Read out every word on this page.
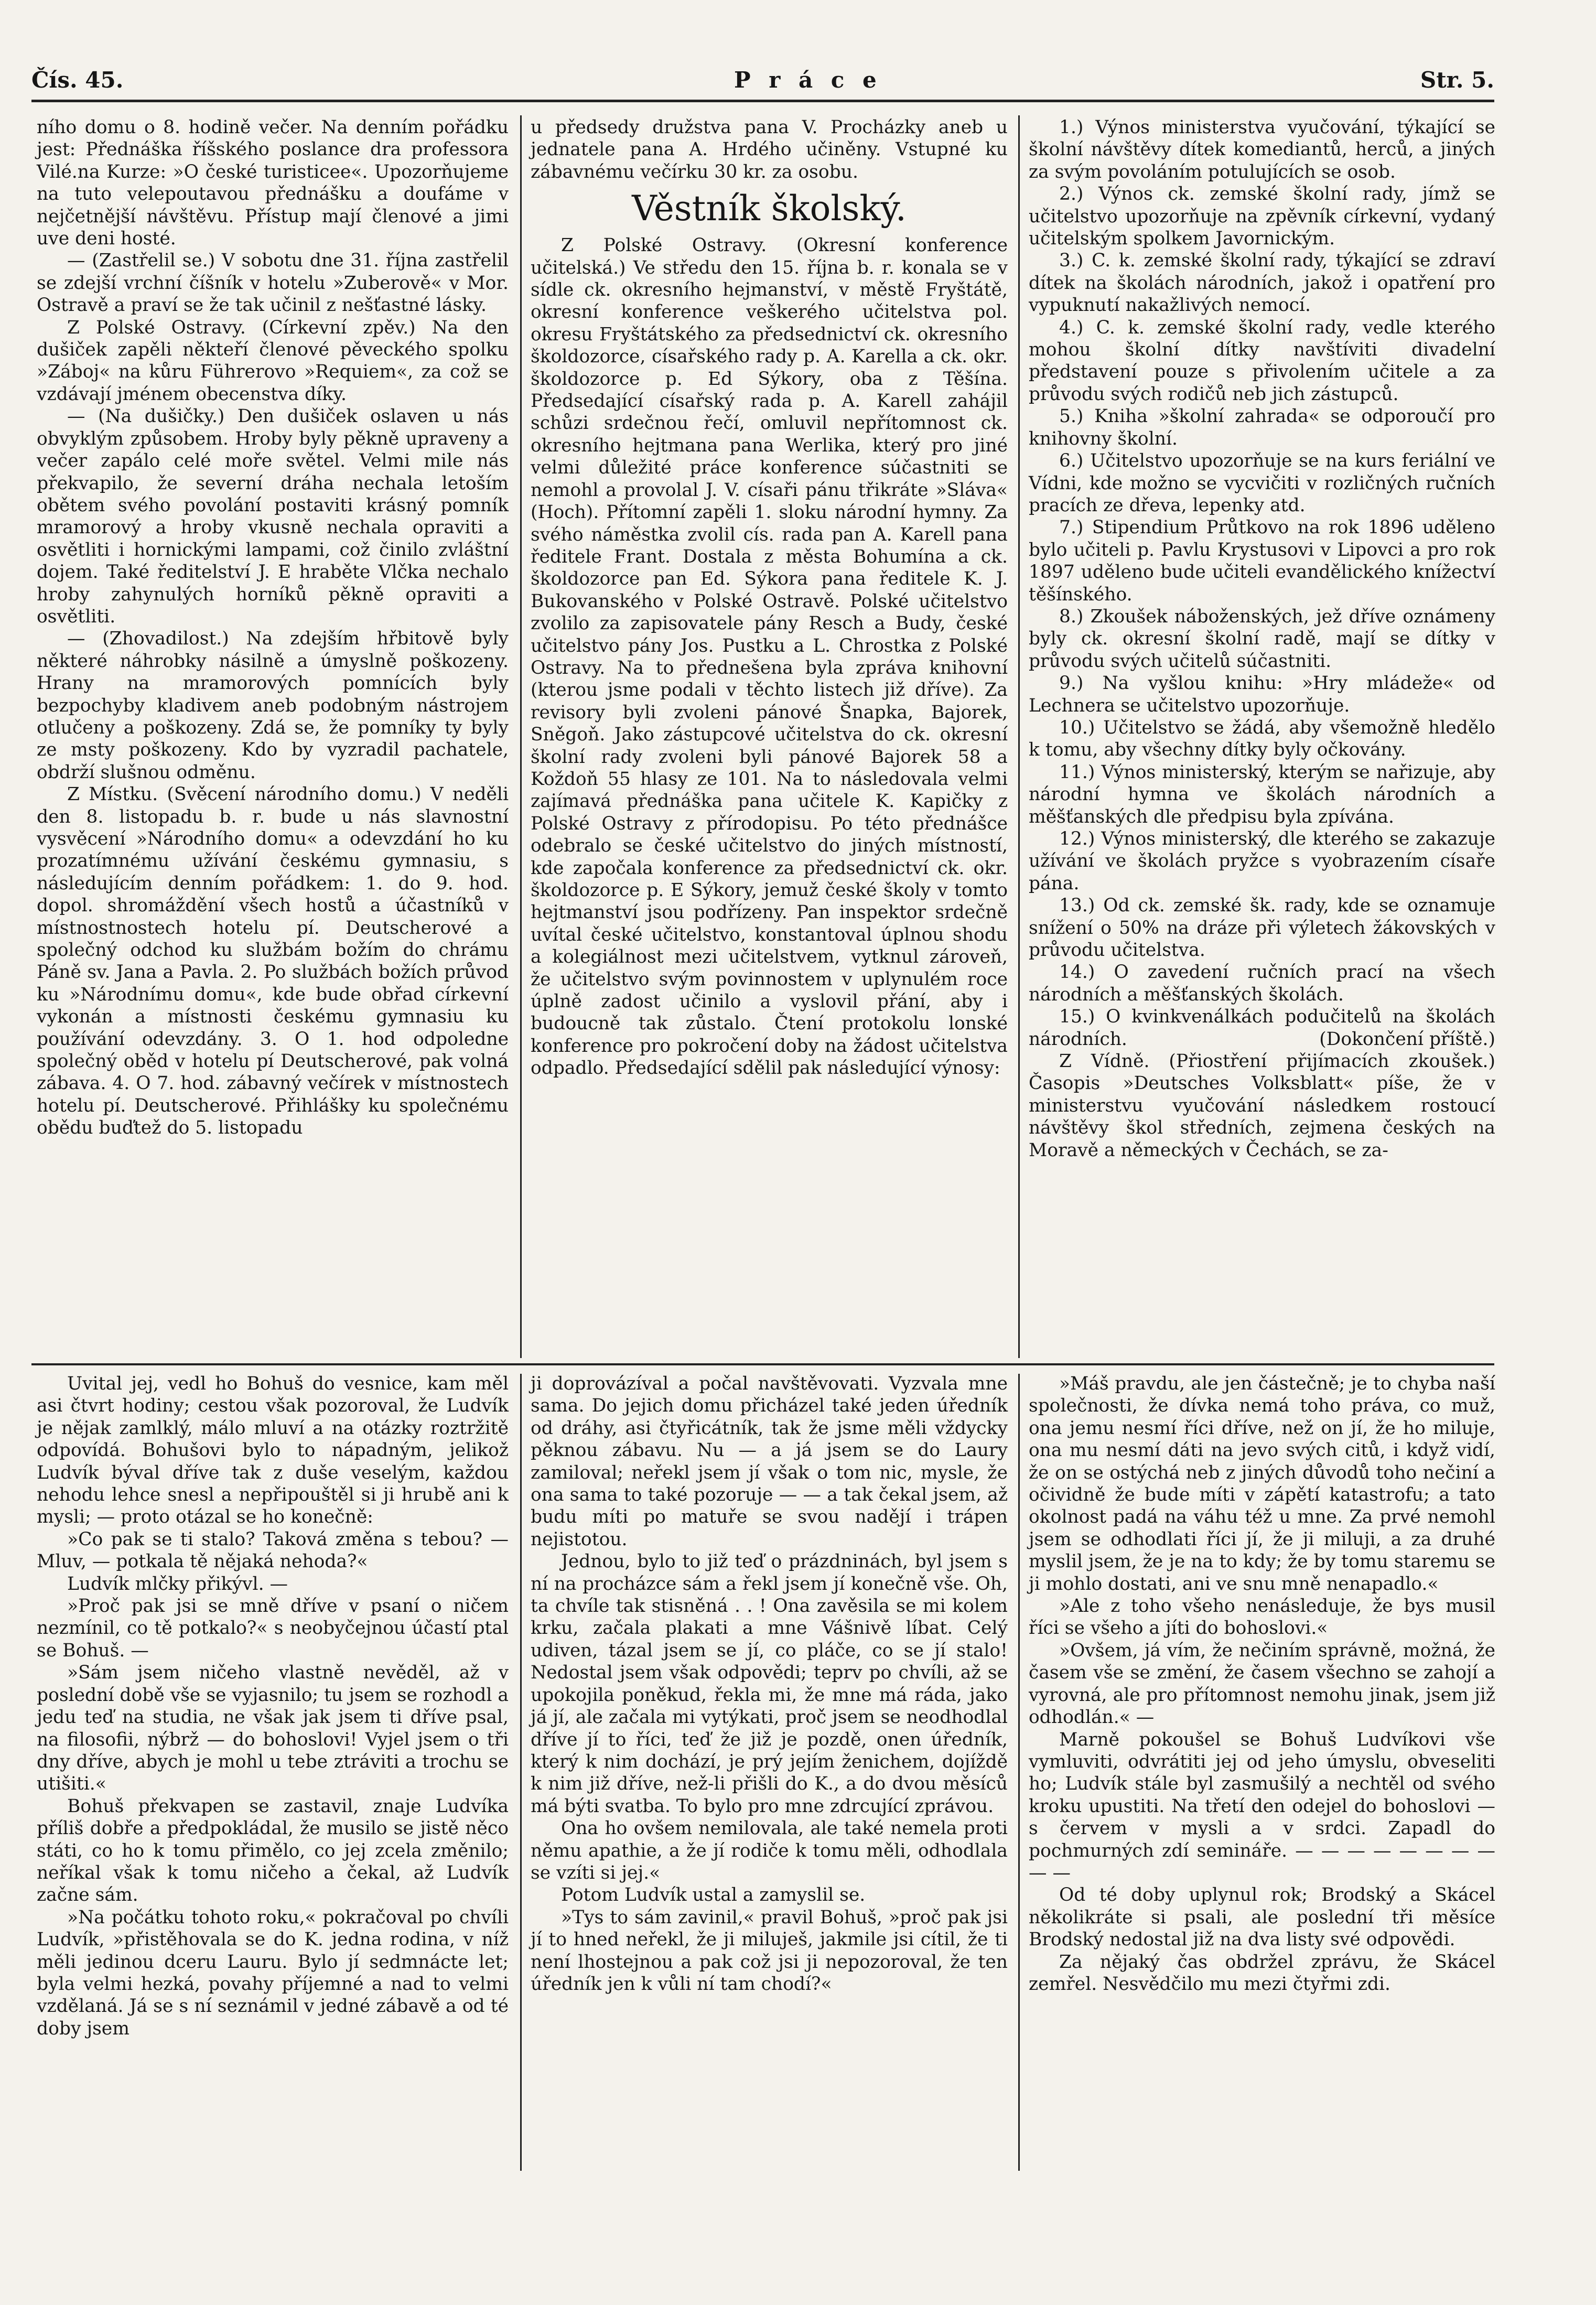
Čís. 45.	P r á c e	Str. 5.

ního domu o 8. hodině večer. Na denním pořádku jest: Přednáška říšského poslance dra professora Vilé.na Kurze: »O české turisticee«. Upozorňujeme na tuto velepoutavou přednášku a doufáme v nejčetnější návštěvu. Přístup mají členové a jimi uve deni hosté.

— (Zastřelil se.) V sobotu dne 31. října zastřelil se zdejší vrchní číšník v hotelu »Zuberově« v Mor. Ostravě a praví se že tak učinil z nešťastné lásky.

Z Polské Ostravy. (Církevní zpěv.) Na den dušiček zapěli někteří členové pěveckého spolku »Záboj« na kůru Führerovo »Requiem«, za což se vzdávají jménem obecenstva díky.

— (Na dušičky.) Den dušiček oslaven u nás obvyklým způsobem. Hroby byly pěkně upraveny a večer zapálo celé moře světel. Velmi mile nás překvapilo, že severní dráha nechala letoším obětem svého povolání postaviti krásný pomník mramorový a hroby vkusně nechala opraviti a osvětliti i hornickými lampami, což činilo zvláštní dojem. Také ředitelství J. E hraběte Vlčka nechalo hroby zahynulých horníků pěkně opraviti a osvětliti.

— (Zhovadilost.) Na zdejším hřbitově byly některé náhrobky násilně a úmyslně poškozeny. Hrany na mramorových pomnících byly bezpochyby kladivem aneb podobným nástrojem otlučeny a poškozeny. Zdá se, že pomníky ty byly ze msty poškozeny. Kdo by vyzradil pachatele, obdrží slušnou odměnu.

Z Místku. (Svěcení národního domu.) V neděli den 8. listopadu b. r. bude u nás slavnostní vysvěcení »Národního domu« a odevzdání ho ku prozatímnému užívání českému gymnasiu, s následujícím denním pořádkem: 1. do 9. hod. dopol. shromáždění všech hostů a účastníků v místnostnostech hotelu pí. Deutscherové a společný odchod ku službám božím do chrámu Páně sv. Jana a Pavla. 2. Po službách božích průvod ku »Národnímu domu«, kde bude obřad církevní vykonán a místnosti českému gymnasiu ku používání odevzdány. 3. O 1. hod odpoledne společný oběd v hotelu pí Deutscherové, pak volná zábava. 4. O 7. hod. zábavný večírek v místnostech hotelu pí. Deutscherové. Přihlášky ku společnému obědu buďtež do 5. listopadu

u předsedy družstva pana V. Procházky aneb u jednatele pana A. Hrdého učiněny. Vstupné ku zábavnému večírku 30 kr. za osobu.

Věstník školský.

Z Polské Ostravy. (Okresní konference učitelská.) Ve středu den 15. října b. r. konala se v sídle ck. okresního hejmanství, v městě Fryštátě, okresní konference veškerého učitelstva pol. okresu Fryštátského za předsednictví ck. okresního školdozorce, císařského rady p. A. Karella a ck. okr. školdozorce p. Ed Sýkory, oba z Těšína. Předsedající císařský rada p. A. Karell zahájil schůzi srdečnou řečí, omluvil nepřítomnost ck. okresního hejtmana pana Werlika, který pro jiné velmi důležité práce konference súčastniti se nemohl a provolal J. V. císaři pánu třikráte »Sláva« (Hoch). Přítomní zapěli 1. sloku národní hymny. Za svého náměstka zvolil cís. rada pan A. Karell pana ředitele Frant. Dostala z města Bohumína a ck. školdozorce pan Ed. Sýkora pana ředitele K. J. Bukovanského v Polské Ostravě. Polské učitelstvo zvolilo za zapisovatele pány Resch a Budy, české učitelstvo pány Jos. Pustku a L. Chrostka z Polské Ostravy. Na to přednešena byla zpráva knihovní (kterou jsme podali v těchto listech již dříve). Za revisory byli zvoleni pánové Šnapka, Bajorek, Sněgoň. Jako zástupcové učitelstva do ck. okresní školní rady zvoleni byli pánové Bajorek 58 a Koždoň 55 hlasy ze 101. Na to následovala velmi zajímavá přednáška pana učitele K. Kapičky z Polské Ostravy z přírodopisu. Po této přednášce odebralo se české učitelstvo do jiných místností, kde započala konference za předsednictví ck. okr. školdozorce p. E Sýkory, jemuž české školy v tomto hejtmanství jsou podřízeny. Pan inspektor srdečně uvítal české učitelstvo, konstantoval úplnou shodu a kolegiálnost mezi učitelstvem, vytknul zároveň, že učitelstvo svým povinnostem v uplynulém roce úplně zadost učinilo a vyslovil přání, aby i budoucně tak zůstalo. Čtení protokolu lonské konference pro pokročení doby na žádost učitelstva odpadlo. Předsedající sdělil pak následující výnosy:

1.) Výnos ministerstva vyučování, týkající se školní návštěvy dítek komediantů, herců, a jiných za svým povoláním potulujících se osob.

2.) Výnos ck. zemské školní rady, jímž se učitelstvo upozorňuje na zpěvník církevní, vydaný učitelským spolkem Javornickým.

3.) C. k. zemské školní rady, týkající se zdraví dítek na školách národních, jakož i opatření pro vypuknutí nakažlivých nemocí.

4.) C. k. zemské školní rady, vedle kterého mohou školní dítky navštíviti divadelní představení pouze s přivolením učitele a za průvodu svých rodičů neb jich zástupců.

5.) Kniha »školní zahrada« se odporoučí pro knihovny školní.

6.) Učitelstvo upozorňuje se na kurs feriální ve Vídni, kde možno se vycvičiti v rozličných ručních pracích ze dřeva, lepenky atd.

7.) Stipendium Průtkovo na rok 1896 uděleno bylo učiteli p. Pavlu Krystusovi v Lipovci a pro rok 1897 uděleno bude učiteli evandělického knížectví těšínského.

8.) Zkoušek náboženských, jež dříve oznámeny byly ck. okresní školní radě, mají se dítky v průvodu svých učitelů súčastniti.

9.) Na vyšlou knihu: »Hry mládeže« od Lechnera se učitelstvo upozorňuje.

10.) Učitelstvo se žádá, aby všemožně hledělo k tomu, aby všechny dítky byly očkovány.

11.) Výnos ministerský, kterým se nařizuje, aby národní hymna ve školách národních a měšťanských dle předpisu byla zpívána.

12.) Výnos ministerský, dle kterého se zakazuje užívání ve školách pryžce s vyobrazením císaře pána.

13.) Od ck. zemské šk. rady, kde se oznamuje snížení o 50% na dráze při výletech žákovských v průvodu učitelstva.

14.) O zavedení ručních prací na všech národních a měšťanských školách.

15.) O kvinkvenálkách podučitelů na školách národních.	(Dokončení příště.)

Z Vídně. (Přiostření přijímacích zkoušek.) Časopis »Deutsches Volksblatt« píše, že v ministerstvu vyučování následkem rostoucí návštěvy škol středních, zejmena českých na Moravě a německých v Čechách, se za-

Uvital jej, vedl ho Bohuš do vesnice, kam měl asi čtvrt hodiny; cestou však pozoroval, že Ludvík je nějak zamlklý, málo mluví a na otázky roztržitě odpovídá. Bohušovi bylo to nápadným, jelikož Ludvík býval dříve tak z duše veselým, každou nehodu lehce snesl a nepřipouštěl si ji hrubě ani k mysli; — proto otázal se ho konečně:

»Co pak se ti stalo? Taková změna s tebou? — Mluv, — potkala tě nějaká nehoda?«

Ludvík mlčky přikývl. —

»Proč pak jsi se mně dříve v psaní o ničem nezmínil, co tě potkalo?« s neobyčejnou účastí ptal se Bohuš. —

»Sám jsem ničeho vlastně nevěděl, až v poslední době vše se vyjasnilo; tu jsem se rozhodl a jedu teď na studia, ne však jak jsem ti dříve psal, na filosofii, nýbrž — do bohoslovi! Vyjel jsem o tři dny dříve, abych je mohl u tebe ztráviti a trochu se utišiti.«

Bohuš překvapen se zastavil, znaje Ludvíka příliš dobře a předpokládal, že musilo se jistě něco státi, co ho k tomu přimělo, co jej zcela změnilo; neříkal však k tomu ničeho a čekal, až Ludvík začne sám.

»Na počátku tohoto roku,« pokračoval po chvíli Ludvík, »přistěhovala se do K. jedna rodina, v níž měli jedinou dceru Lauru. Bylo jí sedmnácte let; byla velmi hezká, povahy příjemné a nad to velmi vzdělaná. Já se s ní seznámil v jedné zábavě a od té doby jsem

ji doprovázíval a počal navštěvovati. Vyzvala mne sama. Do jejich domu přicházel také jeden úředník od dráhy, asi čtyřicátník, tak že jsme měli vždycky pěknou zábavu. Nu — a já jsem se do Laury zamiloval; neřekl jsem jí však o tom nic, mysle, že ona sama to také pozoruje — — a tak čekal jsem, až budu míti po matuře se svou nadějí i trápen nejistotou.

Jednou, bylo to již teď o prázdninách, byl jsem s ní na procházce sám a řekl jsem jí konečně vše. Oh, ta chvíle tak stisněná . . ! Ona zavěsila se mi kolem krku, začala plakati a mne Vášnivě líbat. Celý udiven, tázal jsem se jí, co pláče, co se jí stalo! Nedostal jsem však odpovědi; teprv po chvíli, až se upokojila poněkud, řekla mi, že mne má ráda, jako já jí, ale začala mi vytýkati, proč jsem se neodhodlal dříve jí to říci, teď že již je pozdě, onen úředník, který k nim dochází, je prý jejím ženichem, dojíždě k nim již dříve, než-li přišli do K., a do dvou měsíců má býti svatba. To bylo pro mne zdrcující zprávou.

Ona ho ovšem nemilovala, ale také nemela proti němu apathie, a že jí rodiče k tomu měli, odhodlala se vzíti si jej.«

Potom Ludvík ustal a zamyslil se.

»Tys to sám zavinil,« pravil Bohuš, »proč pak jsi jí to hned neřekl, že ji miluješ, jakmile jsi cítil, že ti není lhostejnou a pak což jsi ji nepozoroval, že ten úředník jen k vůli ní tam chodí?«

»Máš pravdu, ale jen částečně; je to chyba naší společnosti, že dívka nemá toho práva, co muž, ona jemu nesmí říci dříve, než on jí, že ho miluje, ona mu nesmí dáti na jevo svých citů, i když vidí, že on se ostýchá neb z jiných důvodů toho nečiní a očividně že bude míti v zápětí katastrofu; a tato okolnost padá na váhu též u mne. Za prvé nemohl jsem se odhodlati říci jí, že ji miluji, a za druhé myslil jsem, že je na to kdy; že by tomu staremu se ji mohlo dostati, ani ve snu mně nenapadlo.«

»Ale z toho všeho nenásleduje, že bys musil říci se všeho a jíti do bohoslovi.«

»Ovšem, já vím, že nečiním správně, možná, že časem vše se změní, že časem všechno se zahojí a vyrovná, ale pro přítomnost nemohu jinak, jsem již odhodlán.« —

Marně pokoušel se Bohuš Ludvíkovi vše vymluviti, odvrátiti jej od jeho úmyslu, obveseliti ho; Ludvík stále byl zasmušilý a nechtěl od svého kroku upustiti. Na třetí den odejel do bohoslovi — s červem v mysli a v srdci. Zapadl do pochmurných zdí semináře. — — — — — — — — — —

Od té doby uplynul rok; Brodský a Skácel několikráte si psali, ale poslední tři měsíce Brodský nedostal již na dva listy své odpovědi.

Za nějaký čas obdržel zprávu, že Skácel zemřel. Nesvědčilo mu mezi čtyřmi zdi.
